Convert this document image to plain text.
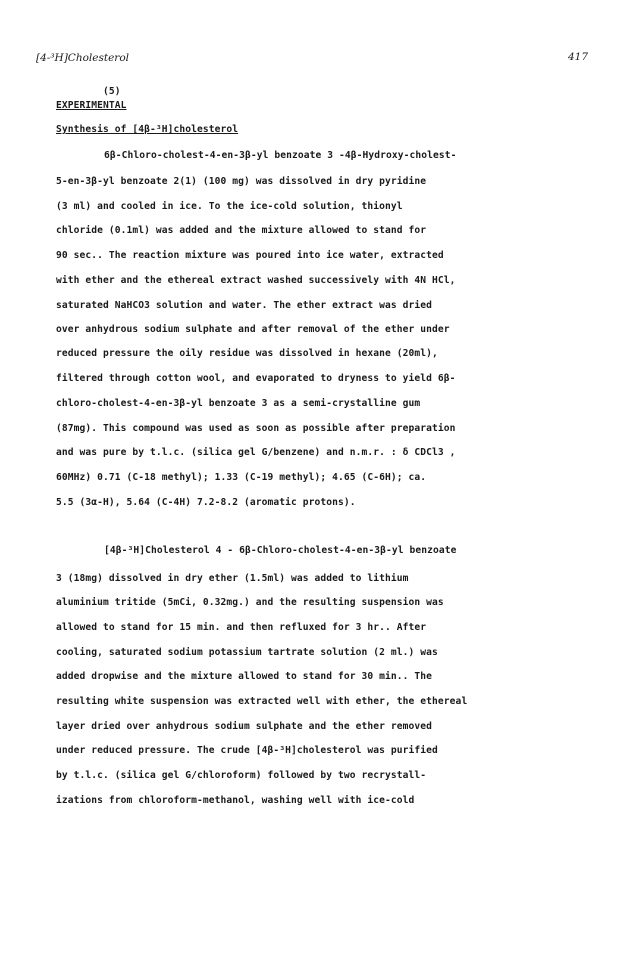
[4-³H]Cholesterol	417
(5)
EXPERIMENTAL
Synthesis of [4β-³H]cholesterol
6β-Chloro-cholest-4-en-3β-yl benzoate 3 -4β-Hydroxy-cholest-
5-en-3β-yl benzoate 2(1) (100 mg) was dissolved in dry pyridine
(3 ml) and cooled in ice. To the ice-cold solution, thionyl
chloride (0.1ml) was added and the mixture allowed to stand for
90 sec.. The reaction mixture was poured into ice water, extracted
with ether and the ethereal extract washed successively with 4N HCl,
saturated NaHCO3 solution and water. The ether extract was dried
over anhydrous sodium sulphate and after removal of the ether under
reduced pressure the oily residue was dissolved in hexane (20ml),
filtered through cotton wool, and evaporated to dryness to yield 6β-
chloro-cholest-4-en-3β-yl benzoate 3 as a semi-crystalline gum
(87mg). This compound was used as soon as possible after preparation
and was pure by t.l.c. (silica gel G/benzene) and n.m.r. : δ CDCl3 ,
60MHz) 0.71 (C-18 methyl); 1.33 (C-19 methyl); 4.65 (C-6H); ca.
5.5 (3α-H), 5.64 (C-4H) 7.2-8.2 (aromatic protons).
[4β-³H]Cholesterol 4 - 6β-Chloro-cholest-4-en-3β-yl benzoate
3 (18mg) dissolved in dry ether (1.5ml) was added to lithium
aluminium tritide (5mCi, 0.32mg.) and the resulting suspension was
allowed to stand for 15 min. and then refluxed for 3 hr.. After
cooling, saturated sodium potassium tartrate solution (2 ml.) was
added dropwise and the mixture allowed to stand for 30 min.. The
resulting white suspension was extracted well with ether, the ethereal
layer dried over anhydrous sodium sulphate and the ether removed
under reduced pressure. The crude [4β-³H]cholesterol was purified
by t.l.c. (silica gel G/chloroform) followed by two recrystall-
izations from chloroform-methanol, washing well with ice-cold
